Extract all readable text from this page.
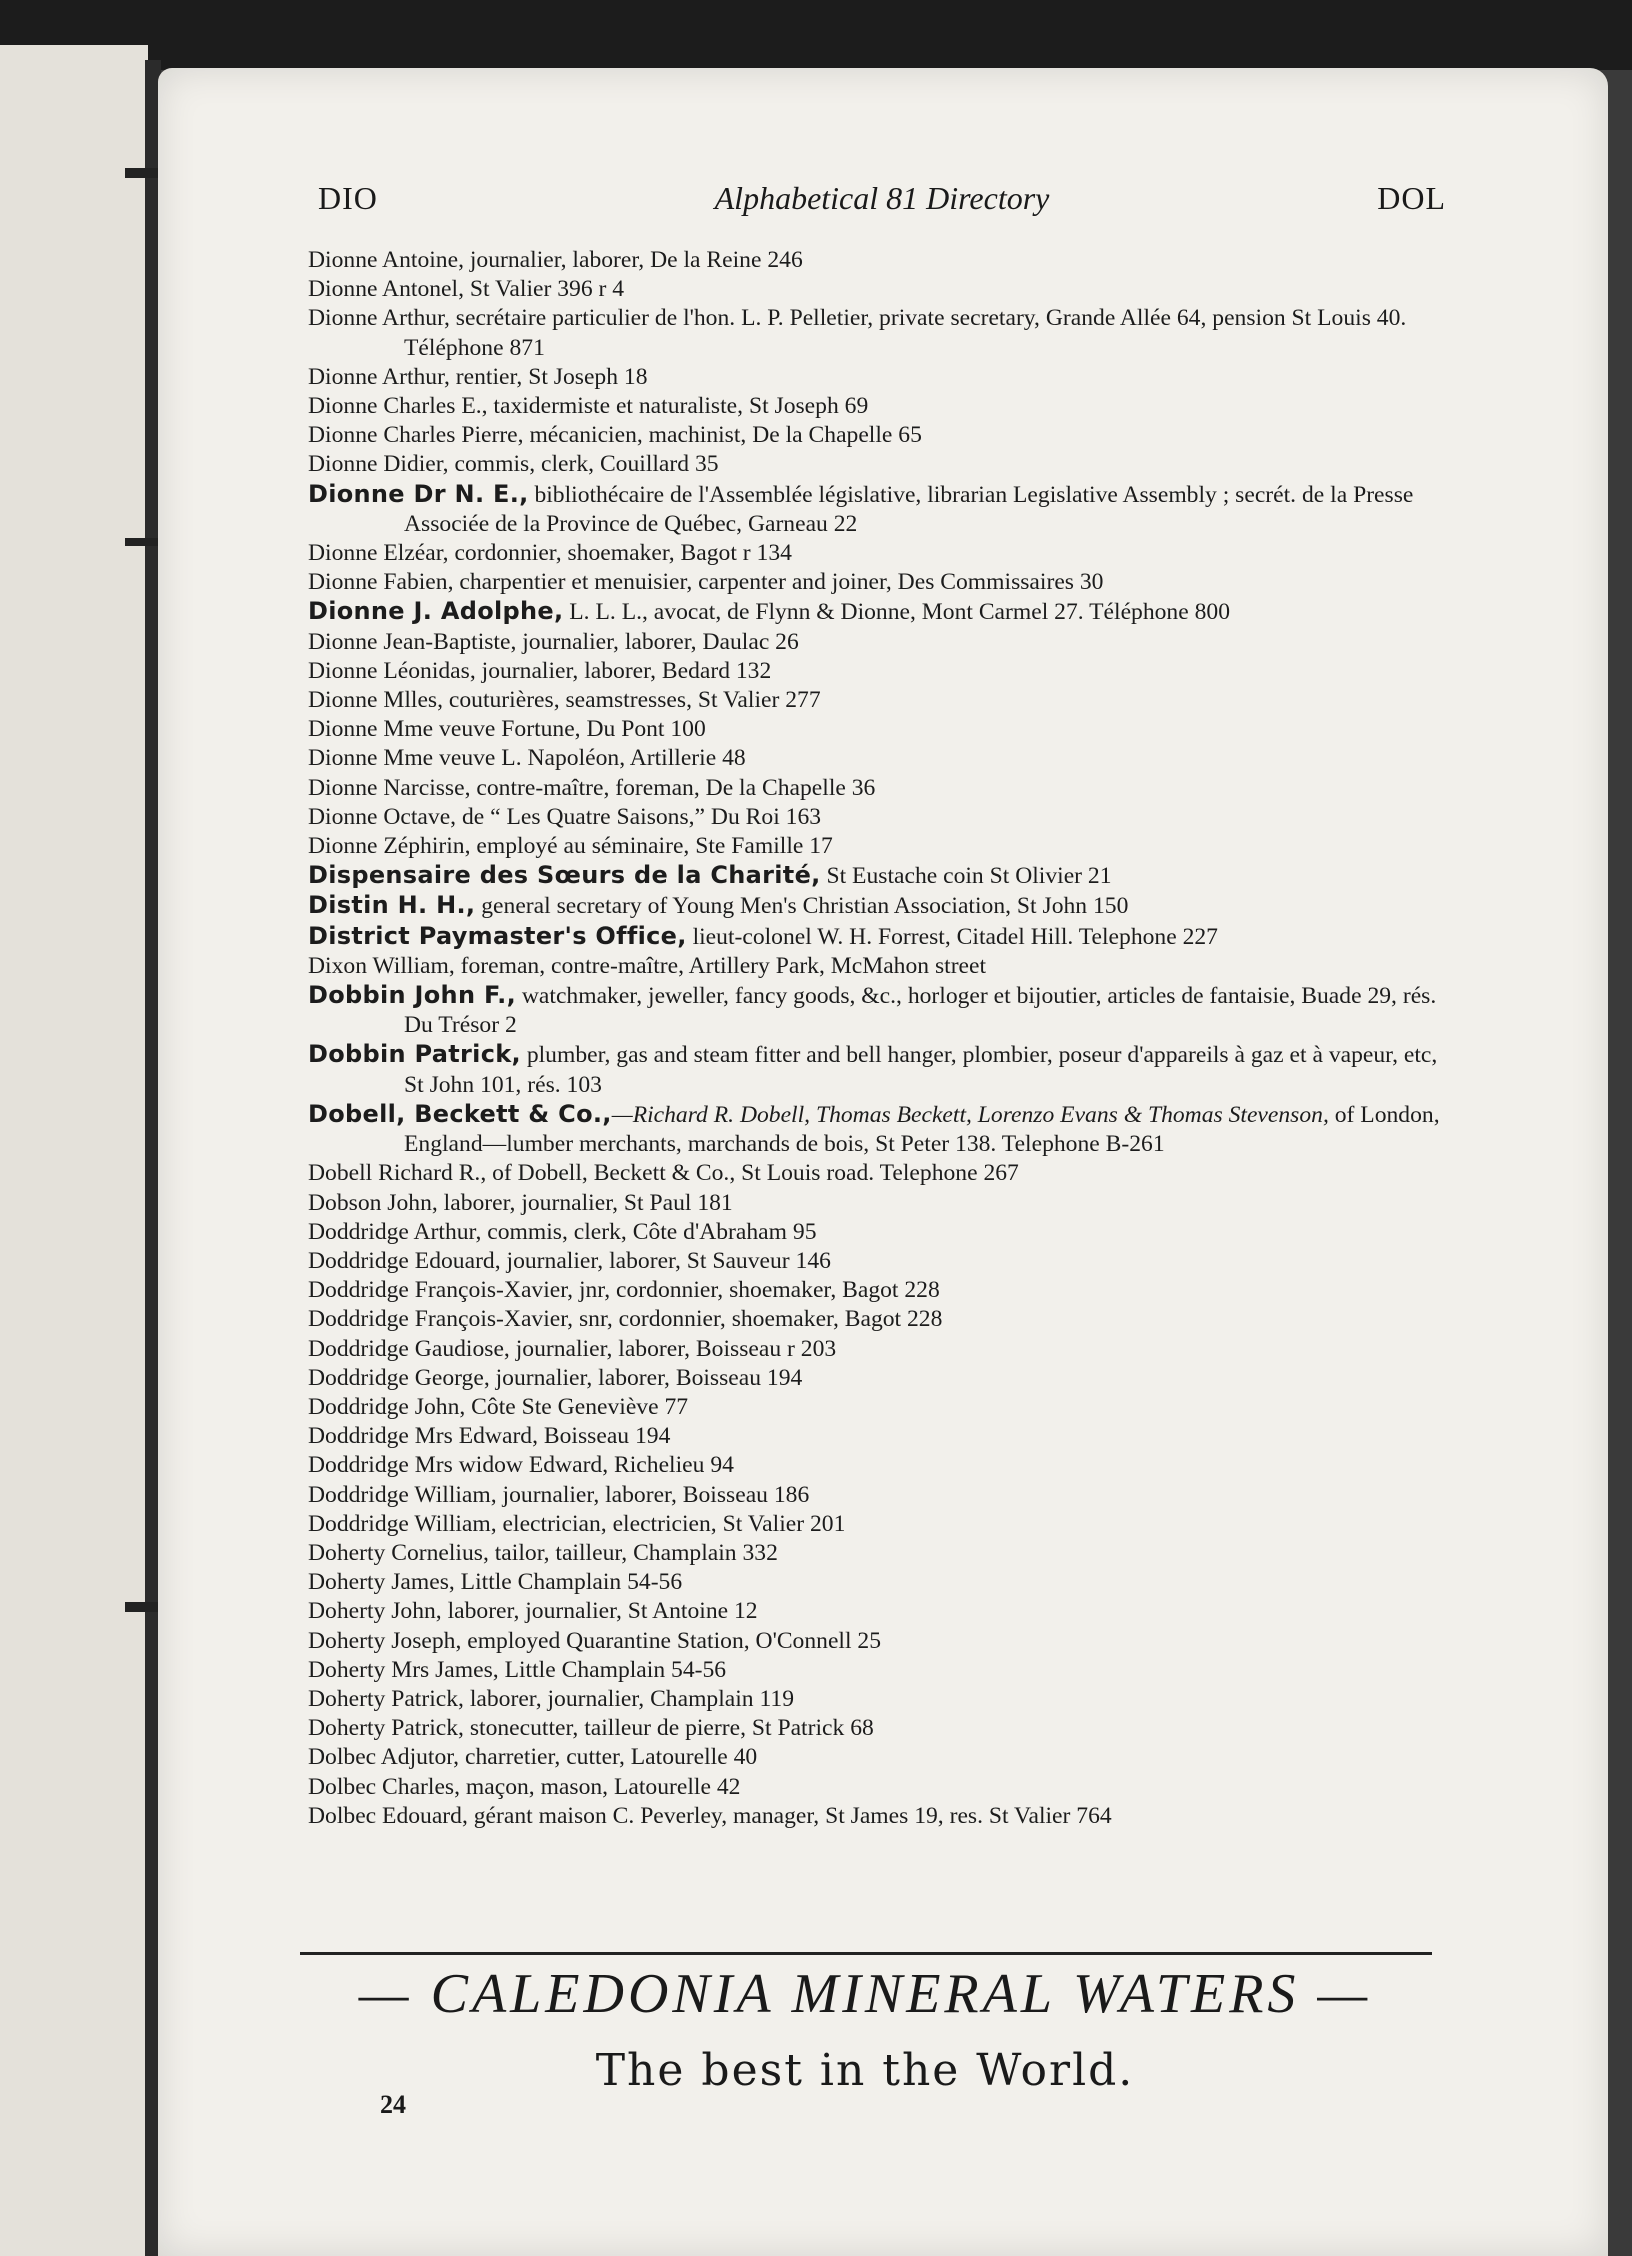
DIO	Alphabetical 81 Directory	DOL
Dionne Antoine, journalier, laborer, De la Reine 246
Dionne Antonel, St Valier 396 r 4
Dionne Arthur, secrétaire particulier de l'hon. L. P. Pelletier, private secretary, Grande Allée 64, pension St Louis 40. Téléphone 871
Dionne Arthur, rentier, St Joseph 18
Dionne Charles E., taxidermiste et naturaliste, St Joseph 69
Dionne Charles Pierre, mécanicien, machinist, De la Chapelle 65
Dionne Didier, commis, clerk, Couillard 35
Dionne Dr N. E., bibliothécaire de l'Assemblée législative, librarian Legislative Assembly ; secrét. de la Presse Associée de la Province de Québec, Garneau 22
Dionne Elzéar, cordonnier, shoemaker, Bagot r 134
Dionne Fabien, charpentier et menuisier, carpenter and joiner, Des Commissaires 30
Dionne J. Adolphe, L. L. L., avocat, de Flynn & Dionne, Mont Carmel 27. Téléphone 800
Dionne Jean-Baptiste, journalier, laborer, Daulac 26
Dionne Léonidas, journalier, laborer, Bedard 132
Dionne Mlles, couturières, seamstresses, St Valier 277
Dionne Mme veuve Fortune, Du Pont 100
Dionne Mme veuve L. Napoléon, Artillerie 48
Dionne Narcisse, contre-maître, foreman, De la Chapelle 36
Dionne Octave, de “ Les Quatre Saisons,” Du Roi 163
Dionne Zéphirin, employé au séminaire, Ste Famille 17
Dispensaire des Sœurs de la Charité, St Eustache coin St Olivier 21
Distin H. H., general secretary of Young Men's Christian Association, St John 150
District Paymaster's Office, lieut-colonel W. H. Forrest, Citadel Hill. Telephone 227
Dixon William, foreman, contre-maître, Artillery Park, McMahon street
Dobbin John F., watchmaker, jeweller, fancy goods, &c., horloger et bijoutier, articles de fantaisie, Buade 29, rés. Du Trésor 2
Dobbin Patrick, plumber, gas and steam fitter and bell hanger, plombier, poseur d'appareils à gaz et à vapeur, etc, St John 101, rés. 103
Dobell, Beckett & Co.,—Richard R. Dobell, Thomas Beckett, Lorenzo Evans & Thomas Stevenson, of London, England—lumber merchants, marchands de bois, St Peter 138. Telephone B-261
Dobell Richard R., of Dobell, Beckett & Co., St Louis road. Telephone 267
Dobson John, laborer, journalier, St Paul 181
Doddridge Arthur, commis, clerk, Côte d'Abraham 95
Doddridge Edouard, journalier, laborer, St Sauveur 146
Doddridge François-Xavier, jnr, cordonnier, shoemaker, Bagot 228
Doddridge François-Xavier, snr, cordonnier, shoemaker, Bagot 228
Doddridge Gaudiose, journalier, laborer, Boisseau r 203
Doddridge George, journalier, laborer, Boisseau 194
Doddridge John, Côte Ste Geneviève 77
Doddridge Mrs Edward, Boisseau 194
Doddridge Mrs widow Edward, Richelieu 94
Doddridge William, journalier, laborer, Boisseau 186
Doddridge William, electrician, electricien, St Valier 201
Doherty Cornelius, tailor, tailleur, Champlain 332
Doherty James, Little Champlain 54-56
Doherty John, laborer, journalier, St Antoine 12
Doherty Joseph, employed Quarantine Station, O'Connell 25
Doherty Mrs James, Little Champlain 54-56
Doherty Patrick, laborer, journalier, Champlain 119
Doherty Patrick, stonecutter, tailleur de pierre, St Patrick 68
Dolbec Adjutor, charretier, cutter, Latourelle 40
Dolbec Charles, maçon, mason, Latourelle 42
Dolbec Edouard, gérant maison C. Peverley, manager, St James 19, res. St Valier 764
— CALEDONIA MINERAL WATERS —
The best in the World.
24
